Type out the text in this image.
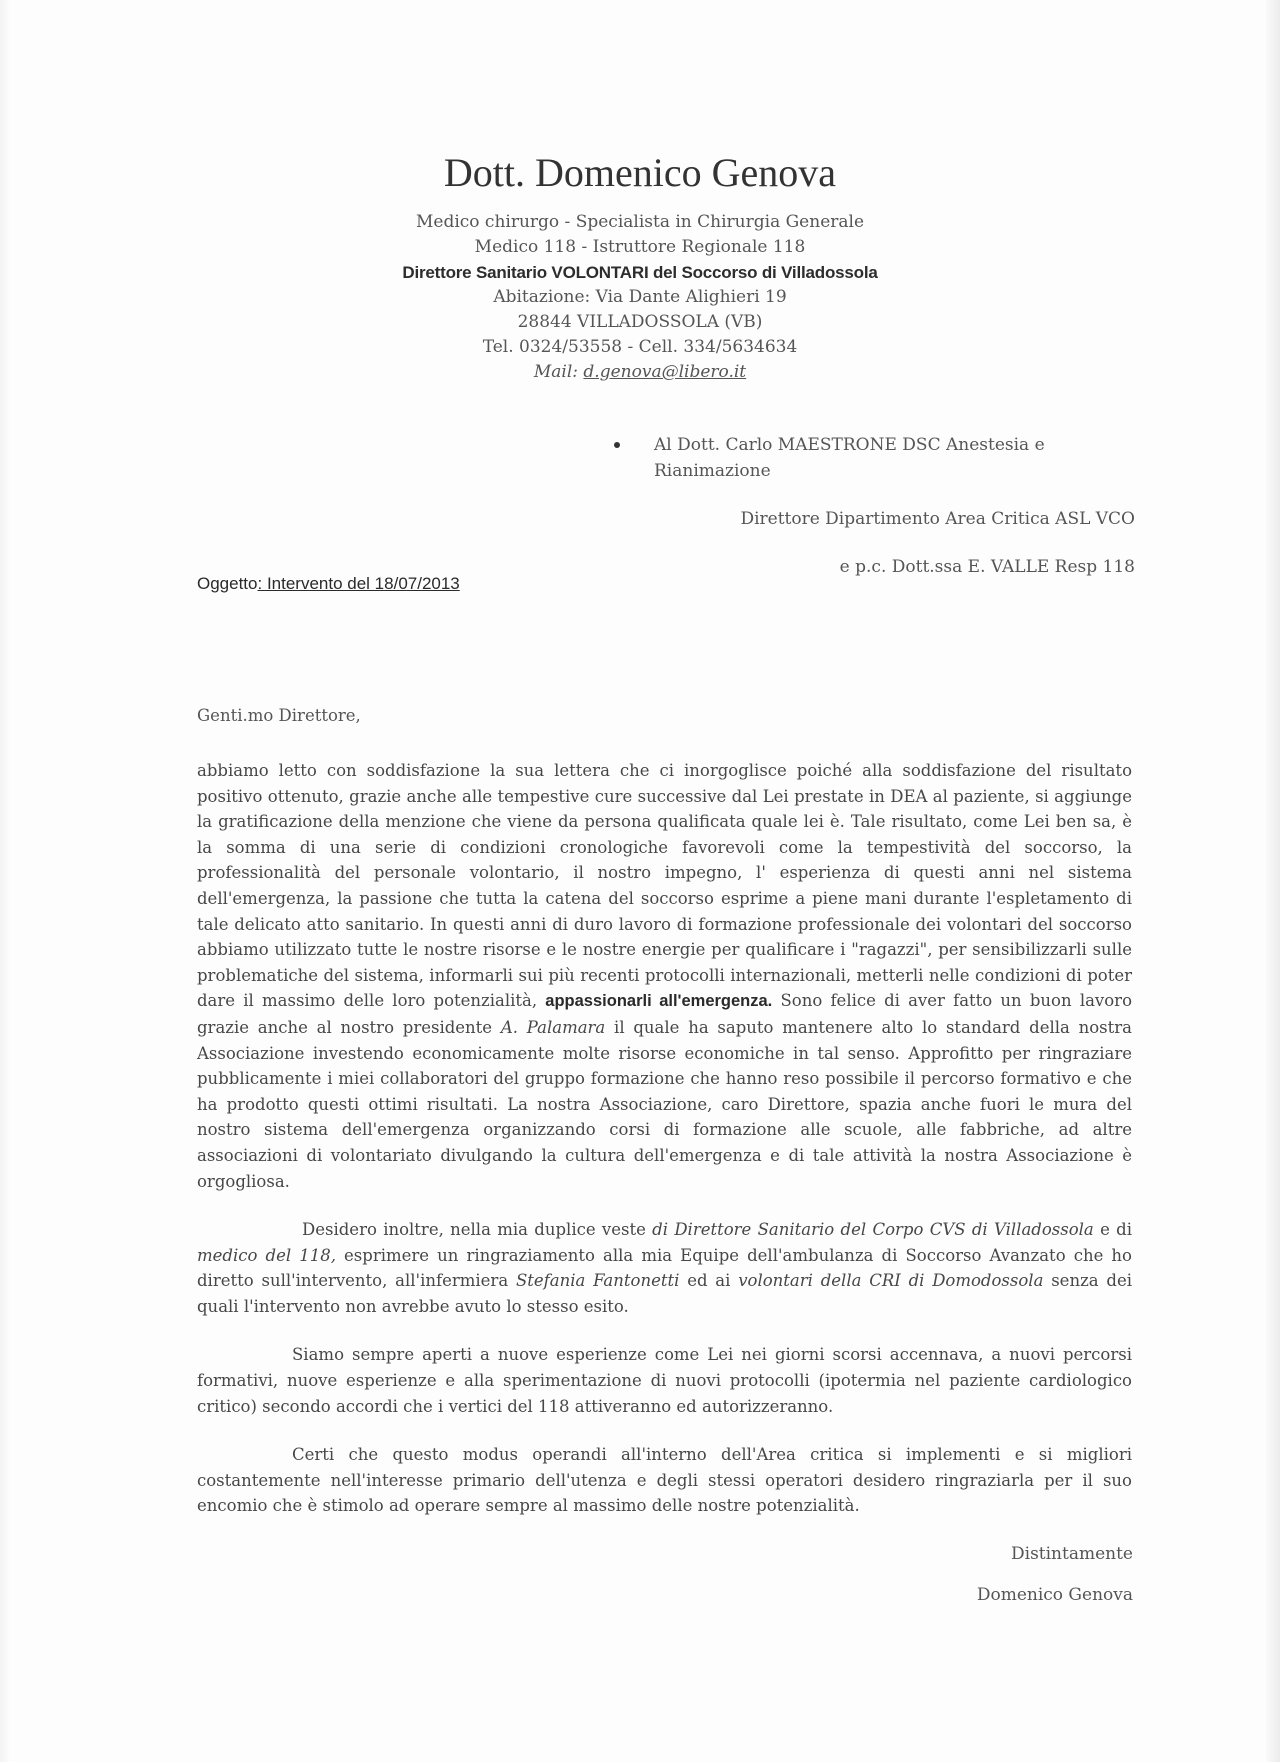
Dott. Domenico Genova
Medico chirurgo - Specialista in Chirurgia Generale
Medico 118 - Istruttore Regionale 118
Direttore Sanitario VOLONTARI del Soccorso di Villadossola
Abitazione: Via Dante Alighieri 19
28844 VILLADOSSOLA (VB)
Tel. 0324/53558 - Cell. 334/5634634
Mail: d.genova@libero.it
Al Dott. Carlo MAESTRONE DSC Anestesia e Rianimazione
Direttore Dipartimento Area Critica ASL VCO
e p.c. Dott.ssa E. VALLE Resp 118
Oggetto: Intervento del 18/07/2013
Genti.mo Direttore,

abbiamo letto con soddisfazione la sua lettera che ci inorgoglisce poiché alla soddisfazione del risultato positivo ottenuto, grazie anche alle tempestive cure successive dal Lei prestate in DEA al paziente, si aggiunge la gratificazione della menzione che viene da persona qualificata quale lei è. Tale risultato, come Lei ben sa, è la somma di una serie di condizioni cronologiche favorevoli come la tempestività del soccorso, la professionalità del personale volontario, il nostro impegno, l' esperienza di questi anni nel sistema dell'emergenza, la passione che tutta la catena del soccorso esprime a piene mani durante l'espletamento di tale delicato atto sanitario. In questi anni di duro lavoro di formazione professionale dei volontari del soccorso abbiamo utilizzato tutte le nostre risorse e le nostre energie per qualificare i "ragazzi", per sensibilizzarli sulle problematiche del sistema, informarli sui più recenti protocolli internazionali, metterli nelle condizioni di poter dare il massimo delle loro potenzialità, appassionarli all'emergenza. Sono felice di aver fatto un buon lavoro grazie anche al nostro presidente A. Palamara il quale ha saputo mantenere alto lo standard della nostra Associazione investendo economicamente molte risorse economiche in tal senso. Approfitto per ringraziare pubblicamente i miei collaboratori del gruppo formazione che hanno reso possibile il percorso formativo e che ha prodotto questi ottimi risultati. La nostra Associazione, caro Direttore, spazia anche fuori le mura del nostro sistema dell'emergenza organizzando corsi di formazione alle scuole, alle fabbriche, ad altre associazioni di volontariato divulgando la cultura dell'emergenza e di tale attività la nostra Associazione è orgogliosa.

Desidero inoltre, nella mia duplice veste di Direttore Sanitario del Corpo CVS di Villadossola e di medico del 118, esprimere un ringraziamento alla mia Equipe dell'ambulanza di Soccorso Avanzato che ho diretto sull'intervento, all'infermiera Stefania Fantonetti ed ai volontari della CRI di Domodossola senza dei quali l'intervento non avrebbe avuto lo stesso esito.

Siamo sempre aperti a nuove esperienze come Lei nei giorni scorsi accennava, a nuovi percorsi formativi, nuove esperienze e alla sperimentazione di nuovi protocolli (ipotermia nel paziente cardiologico critico) secondo accordi che i vertici del 118 attiveranno ed autorizzeranno.

Certi che questo modus operandi all'interno dell'Area critica si implementi e si migliori costantemente nell'interesse primario dell'utenza e degli stessi operatori desidero ringraziarla per il suo encomio che è stimolo ad operare sempre al massimo delle nostre potenzialità.

Distintamente
Domenico Genova
